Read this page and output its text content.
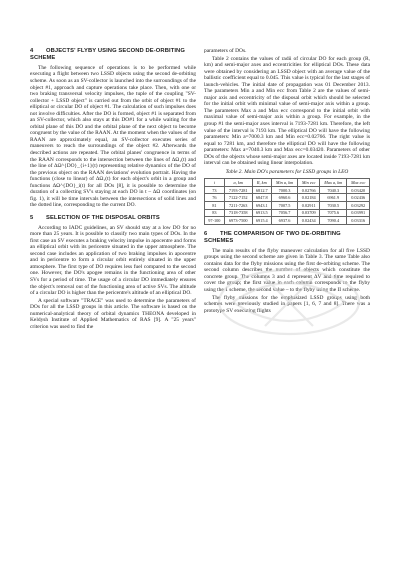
4 OBJECTS' FLYBY USING SECOND DE-ORBITING SCHEME

The following sequence of operations is to be performed while executing a flight between two LSSD objects using the second de-orbiting scheme. As soon as an SV-collector is launched into the surroundings of the object #1, approach and capture operations take place. Then, with one or two braking transversal velocity impulses, the tuple of the coupling "SV-collector + LSSD object" is carried out from the orbit of object #1 to the elliptical or circular DO of object #1. The calculation of such impulses does not involve difficulties. After the DO is formed, object #1 is separated from an SV-collector, which also stays at this DO#1 for a while waiting for the orbital plane of this DO and the orbital plane of the next object to become congruent by the value of the RAAN. At the moment when the values of the RAAN are approximately equal, an SV-collector executes series of maneuvers to reach the surroundings of the object #2. Afterwards the described actions are repeated. The orbital planes' congruence in terms of the RAAN corresponds to the intersection between the lines of ΔΩ₁(t) and the line of ΔΩ^{DO}_{i+1}(t) representing relative dynamics of the DO of the previous object on the RAAN deviations' evolution portrait. Having the functions (close to linear) of ΔΩ₁(t) for each object's orbit in a group and functions ΔΩ^{DO}_i(t) for all DOs [8], it is possible to determine the duration of a collecting SV's staying at each DO in t – ΔΩ coordinates (on fig. 1), it will be time intervals between the intersections of solid lines and the dotted line, corresponding to the current DO.

5 SELECTION OF THE DISPOSAL ORBITS

According to IADC guidelines, an SV should stay at a low DO for no more than 25 years. It is possible to classify two main types of DOs. In the first case an SV executes a braking velocity impulse in apocentre and forms an elliptical orbit with its pericentre situated in the upper atmosphere. The second case includes an application of two braking impulses in apocentre and in pericentre to form a circular orbit entirely situated in the upper atmosphere. The first type of DO requires less fuel compared to the second one. However, the DO's apogee remains in the functioning area of other SVs for a period of time. The usage of a circular DO immediately ensures the object's removal out of the functioning area of active SVs. The altitude of a circular DO is higher than the pericentre's altitude of an elliptical DO.

A special software "TRACE" was used to determine the parameters of DOs for all the LSSD groups in this article. The software is based on the numerical-analytical theory of orbital dynamics THEONA developed in Keldysh Institute of Applied Mathematics of RAS [9]. A "25 years" criterion was used to find the

parameters of DOs.

Table 2 contains the values of radii of circular DO for each group (R, km) and semi-major axes and eccentricities for elliptical DOs. These data were obtained by considering an LSSD object with an average value of the ballistic coefficient equal to 0.045. This value is typical for the last stages of launch-vehicles. The initial date of propagation was 01 December 2013. The parameters Min a and Min ecc from Table 2 are the values of semi-major axis and eccentricity of the disposal orbit which should be selected for the initial orbit with minimal value of semi-major axis within a group. The parameters Max a and Max ecc correspond to the initial orbit with maximal value of semi-major axis within a group. For example, in the group #1 the semi-major axes interval is 7193-7281 km. Therefore, the left value of the interval is 7193 km. The elliptical DO will have the following parameters: Min a=7000.3 km and Min ecc=0.02766. The right value is equal to 7281 km, and therefore the elliptical DO will have the following parameters: Max a=7040.3 km and Max ecc=0.03420. Parameters of other DOs of the objects whose semi-major axes are located inside 7193-7281 km interval can be obtained using linear interpolation.

Table 2. Main DO's parameters for LSSD groups in LEO
i	a, km	R, km	Min a, km	Min ecc	Max a, km	Max ecc
73	7193-7281	6812.7	7000.3	0.02766	7040.3	0.03420
76	7122-7152	6847.8	6960.6	0.02184	6961.9	0.02436
81	7211-7263	6943.1	7007.5	0.02911	7030.5	0.03292
83	7318-7358	6913.5	7056.7	0.03709	7075.6	0.03991
97-100	6973-7500	6915.4	6937.6	0.02434	7090.4	0.03316
6 THE COMPARISON OF TWO DE-ORBITING SCHEMES

The main results of the flyby maneuver calculation for all five LSSD groups using the second scheme are given in Table 3. The same Table also contains data for the flyby missions using the first de-orbiting scheme. The second column describes the number of objects which constitute the concrete group. The columns 3 and 4 represent ΔV and time required to cover the group; the first value in each column corresponds to the flyby using the 1 scheme, the second value – to the flyby using the II scheme.

The flyby missions for the emphasized LSSD groups using both schemes were previously studied in papers [1, 6, 7 and 8]. There was a prototype SV executing flights
